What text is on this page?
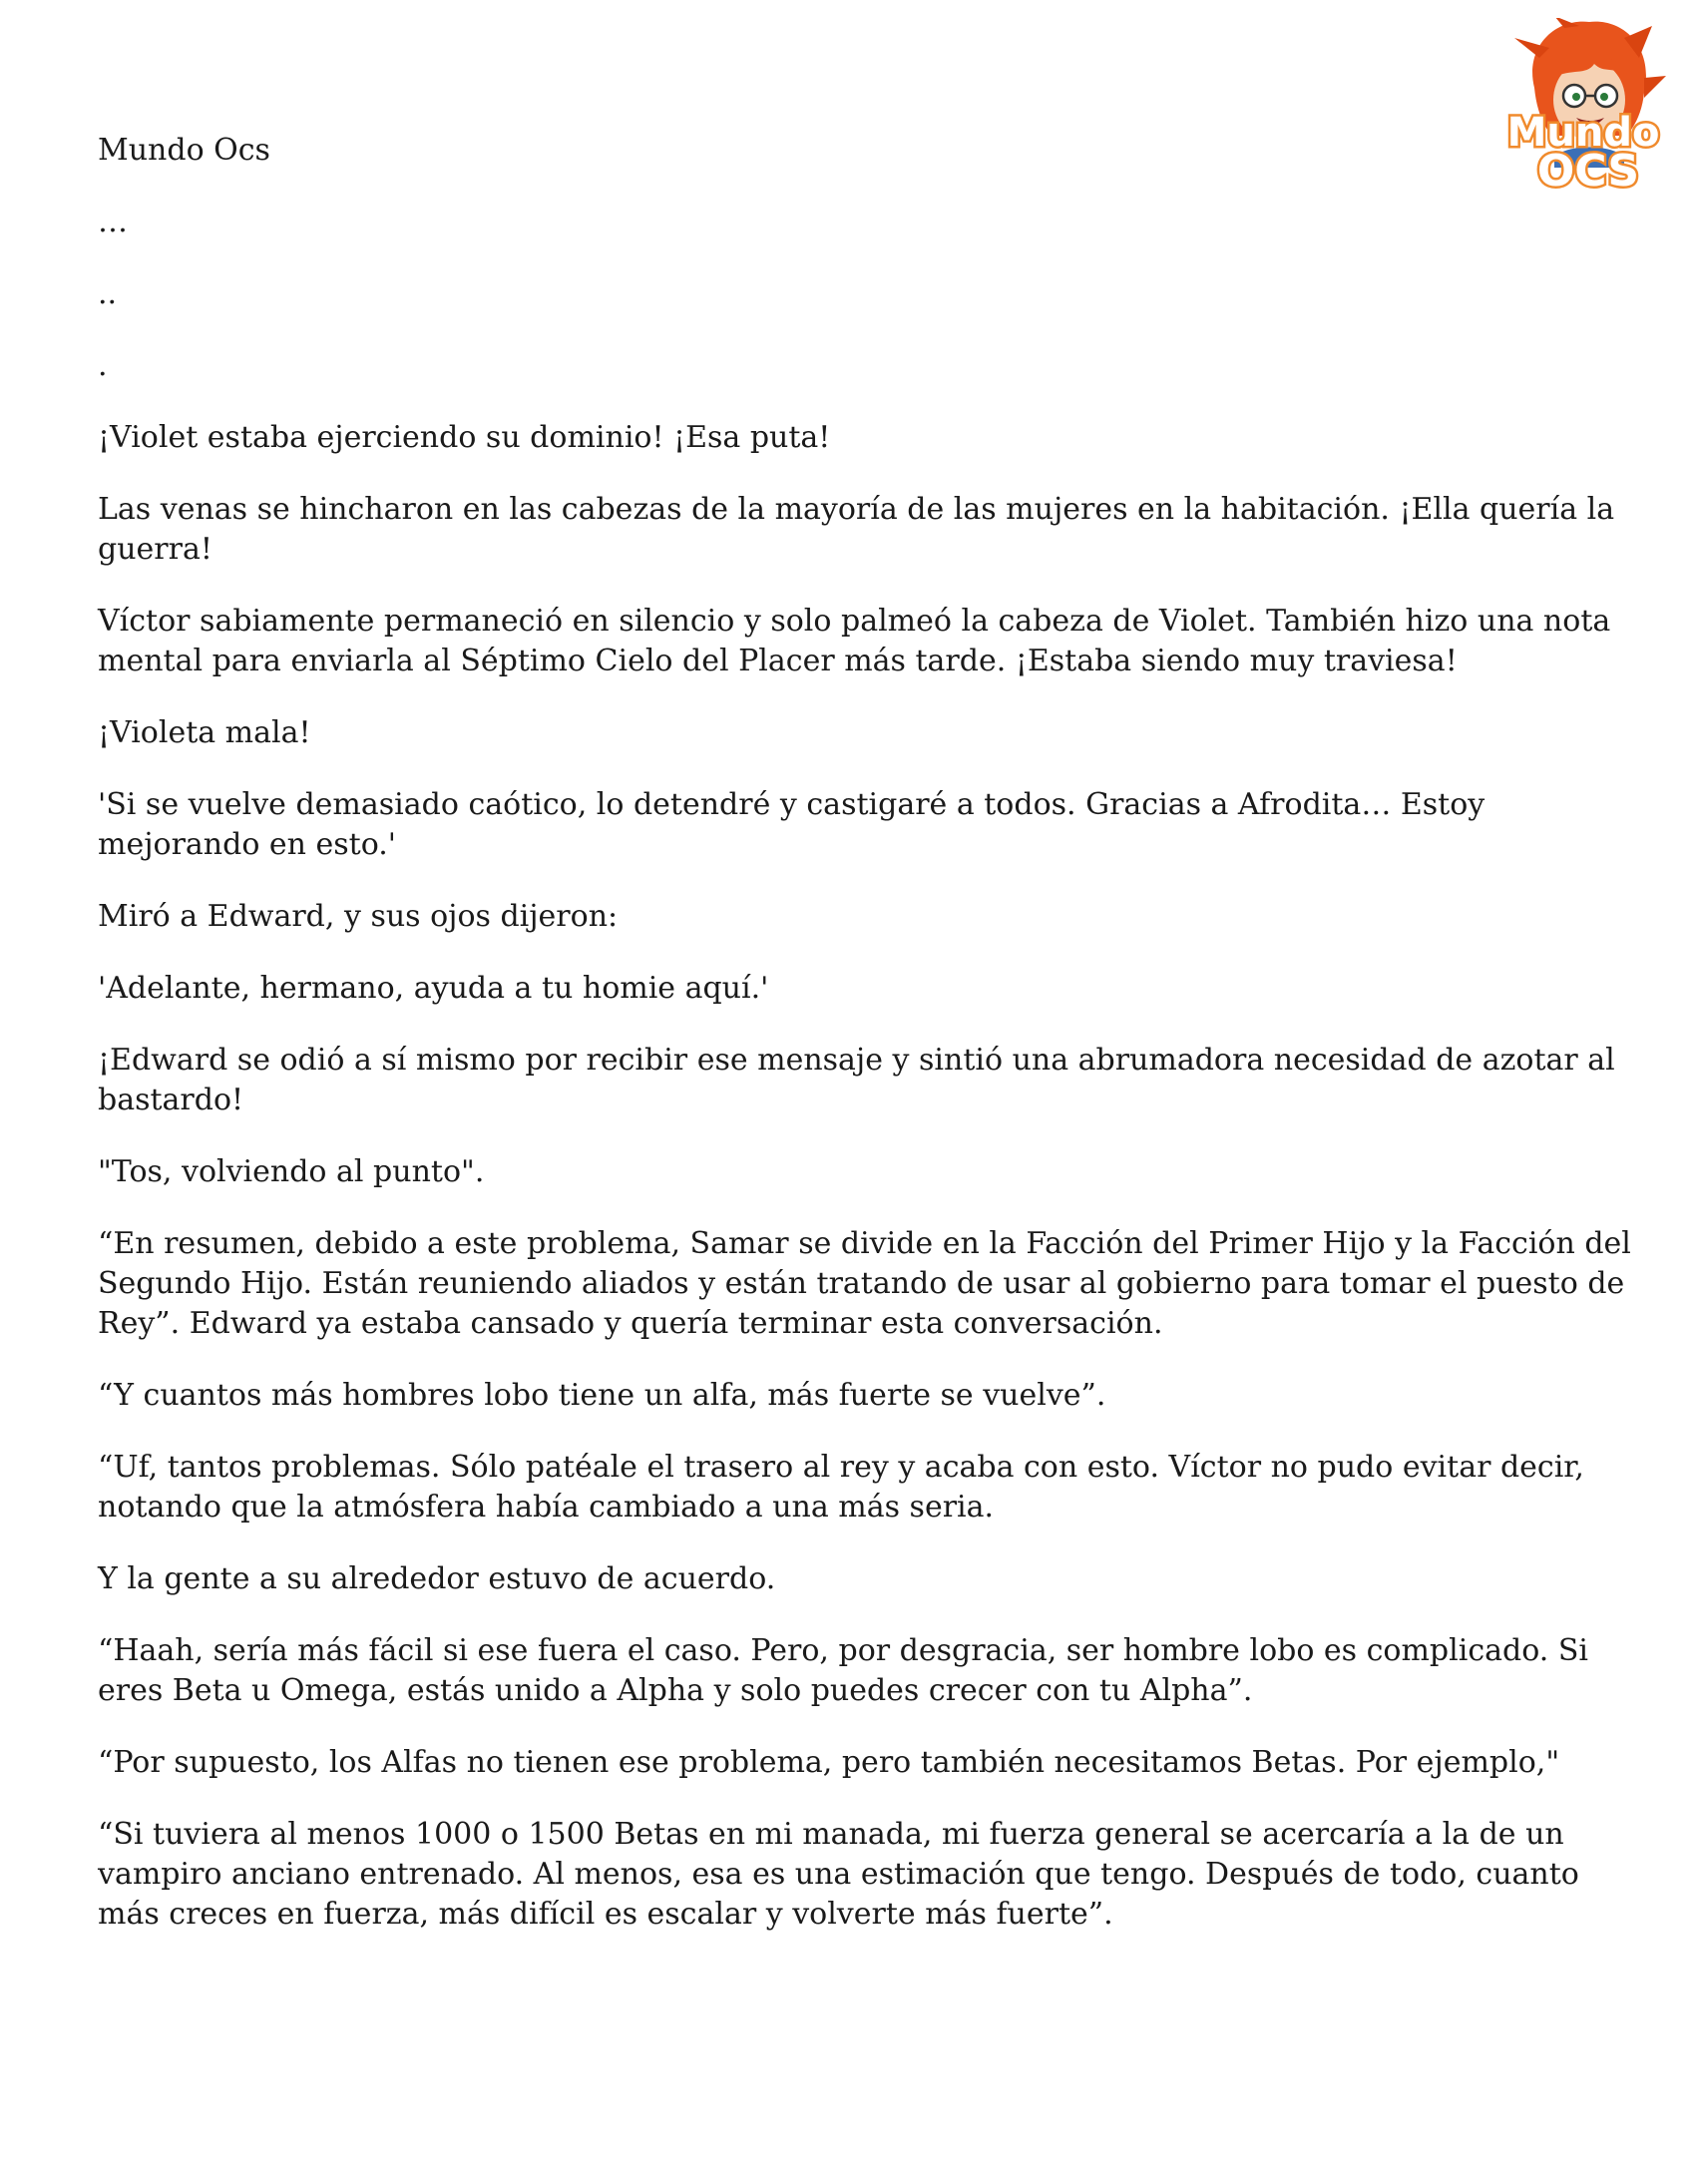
Mundo
OCS

Mundo Ocs

…

..

.

¡Violet estaba ejerciendo su dominio! ¡Esa puta!

Las venas se hincharon en las cabezas de la mayoría de las mujeres en la habitación. ¡Ella quería la guerra!

Víctor sabiamente permaneció en silencio y solo palmeó la cabeza de Violet. También hizo una nota mental para enviarla al Séptimo Cielo del Placer más tarde. ¡Estaba siendo muy traviesa!

¡Violeta mala!

'Si se vuelve demasiado caótico, lo detendré y castigaré a todos. Gracias a Afrodita… Estoy mejorando en esto.'

Miró a Edward, y sus ojos dijeron:

'Adelante, hermano, ayuda a tu homie aquí.'

¡Edward se odió a sí mismo por recibir ese mensaje y sintió una abrumadora necesidad de azotar al bastardo!

"Tos, volviendo al punto".

“En resumen, debido a este problema, Samar se divide en la Facción del Primer Hijo y la Facción del Segundo Hijo. Están reuniendo aliados y están tratando de usar al gobierno para tomar el puesto de Rey”. Edward ya estaba cansado y quería terminar esta conversación.

“Y cuantos más hombres lobo tiene un alfa, más fuerte se vuelve”.

“Uf, tantos problemas. Sólo patéale el trasero al rey y acaba con esto. Víctor no pudo evitar decir, notando que la atmósfera había cambiado a una más seria.

Y la gente a su alrededor estuvo de acuerdo.

“Haah, sería más fácil si ese fuera el caso. Pero, por desgracia, ser hombre lobo es complicado. Si eres Beta u Omega, estás unido a Alpha y solo puedes crecer con tu Alpha”.

“Por supuesto, los Alfas no tienen ese problema, pero también necesitamos Betas. Por ejemplo,"

“Si tuviera al menos 1000 o 1500 Betas en mi manada, mi fuerza general se acercaría a la de un vampiro anciano entrenado. Al menos, esa es una estimación que tengo. Después de todo, cuanto más creces en fuerza, más difícil es escalar y volverte más fuerte”.
